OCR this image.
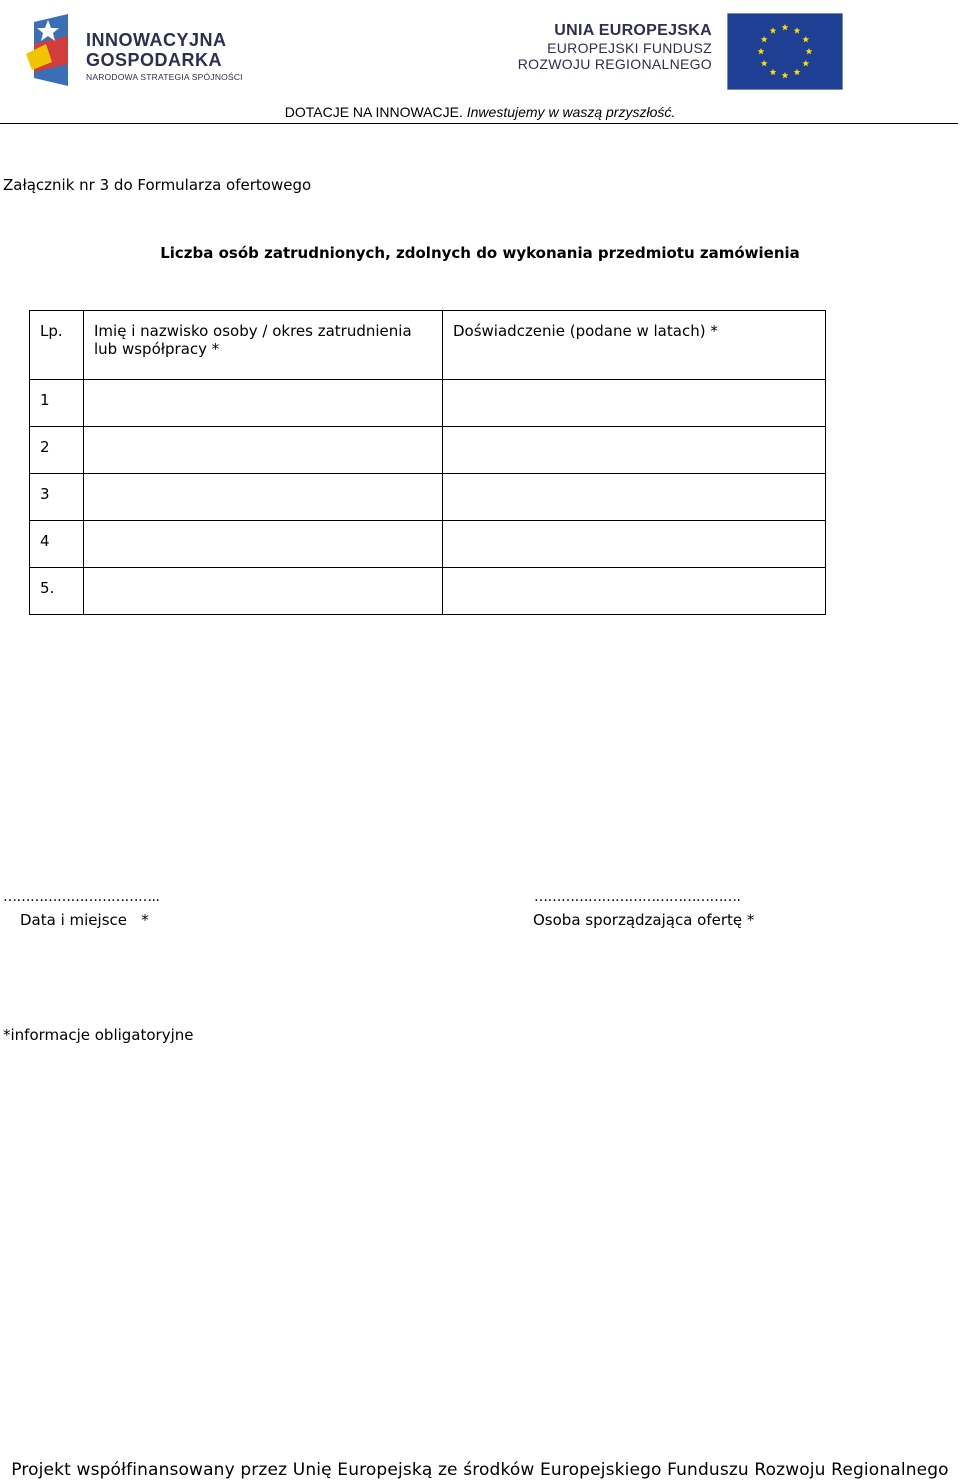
INNOWACYJNA
GOSPODARKA
NARODOWA STRATEGIA SPÓJNOŚCI
UNIA EUROPEJSKA
EUROPEJSKI FUNDUSZ
ROZWOJU REGIONALNEGO
DOTACJE NA INNOWACJE. Inwestujemy w waszą przyszłość.
Załącznik nr 3 do Formularza ofertowego
Liczba osób zatrudnionych, zdolnych do wykonania przedmiotu zamówienia
Lp.	Imię i nazwisko osoby / okres zatrudnienia lub współpracy *	Doświadczenie (podane w latach) *
1		
2		
3		
4		
5.		
……………………………..	……………………………………….
Data i miejsce   *	Osoba sporządzająca ofertę *
*informacje obligatoryjne
Projekt współfinansowany przez Unię Europejską ze środków Europejskiego Funduszu Rozwoju Regionalnego
